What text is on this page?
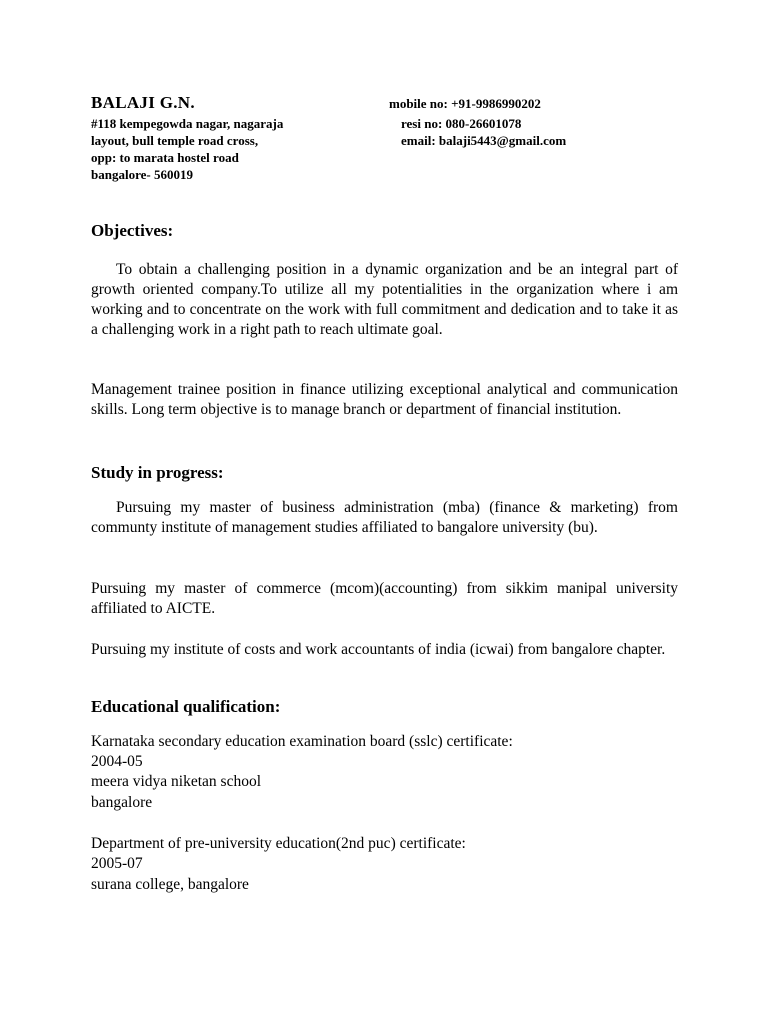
BALAJI G.N.
#118 kempegowda nagar, nagaraja
layout, bull temple road cross,
opp: to marata hostel road
bangalore- 560019
mobile no: +91-9986990202
resi no: 080-26601078
email: balaji5443@gmail.com
Objectives:
To obtain a challenging position in a dynamic organization and be an integral part of growth oriented company.To utilize all my potentialities in the organization where i am working and to concentrate on the work with full commitment and dedication and to take it as a challenging work in a right path to reach ultimate goal.
Management trainee position in finance utilizing exceptional analytical and communication skills. Long term objective is to manage branch or department of financial institution.
Study in progress:
Pursuing my master of business administration (mba) (finance & marketing) from communty institute of management studies affiliated to bangalore university (bu).
Pursuing my master of commerce (mcom)(accounting) from sikkim manipal university affiliated to AICTE.
Pursuing my institute of costs and work accountants of india (icwai) from bangalore chapter.
Educational qualification:
Karnataka secondary education examination board (sslc) certificate:
2004-05
meera vidya niketan school
bangalore
Department of pre-university education(2nd puc) certificate:
2005-07
surana college, bangalore
